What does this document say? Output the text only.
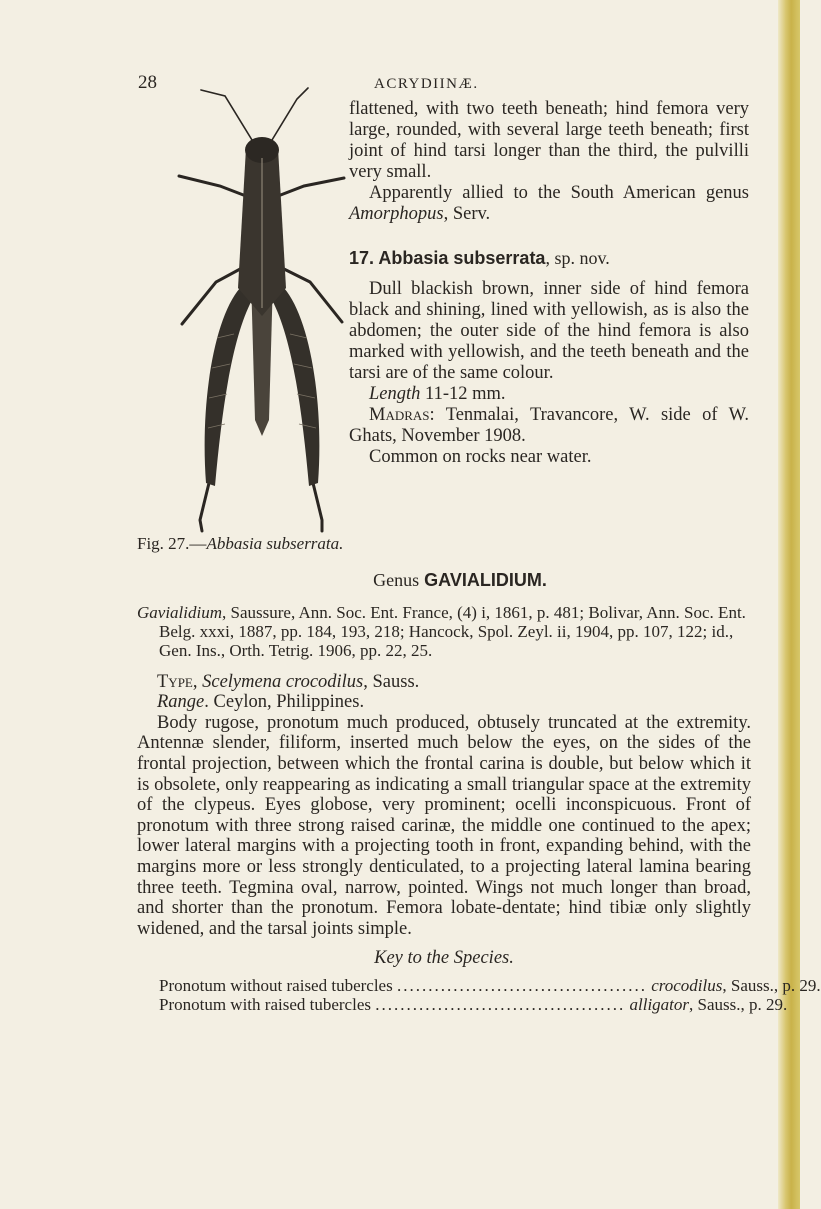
28	ACRYDIINÆ.
Fig. 27.—Abbasia subserrata.

flattened, with two teeth beneath; hind femora very large, rounded, with several large teeth beneath; first joint of hind tarsi longer than the third, the pulvilli very small.

Apparently allied to the South American genus Amorphopus, Serv.

17. Abbasia subserrata, sp. nov.

Dull blackish brown, inner side of hind femora black and shining, lined with yellowish, as is also the abdomen; the outer side of the hind femora is also marked with yellowish, and the teeth beneath and the tarsi are of the same colour.

Length 11-12 mm.

Madras: Tenmalai, Travancore, W. side of W. Ghats, November 1908.

Common on rocks near water.

Genus GAVIALIDIUM.

Gavialidium, Saussure, Ann. Soc. Ent. France, (4) i, 1861, p. 481; Bolivar, Ann. Soc. Ent. Belg. xxxi, 1887, pp. 184, 193, 218; Hancock, Spol. Zeyl. ii, 1904, pp. 107, 122; id., Gen. Ins., Orth. Tetrig. 1906, pp. 22, 25.

Type, Scelymena crocodilus, Sauss.

Range. Ceylon, Philippines.

Body rugose, pronotum much produced, obtusely truncated at the extremity. Antennæ slender, filiform, inserted much below the eyes, on the sides of the frontal projection, between which the frontal carina is double, but below which it is obsolete, only reappearing as indicating a small triangular space at the extremity of the clypeus. Eyes globose, very prominent; ocelli inconspicuous. Front of pronotum with three strong raised carinæ, the middle one continued to the apex; lower lateral margins with a projecting tooth in front, expanding behind, with the margins more or less strongly denticulated, to a projecting lateral lamina bearing three teeth. Tegmina oval, narrow, pointed. Wings not much longer than broad, and shorter than the pronotum. Femora lobate-dentate; hind tibiæ only slightly widened, and the tarsal joints simple.

Key to the Species.

Pronotum without raised tubercles ........................................ crocodilus, Sauss., p. 29.
Pronotum with raised tubercles ........................................ alligator, Sauss., p. 29.
